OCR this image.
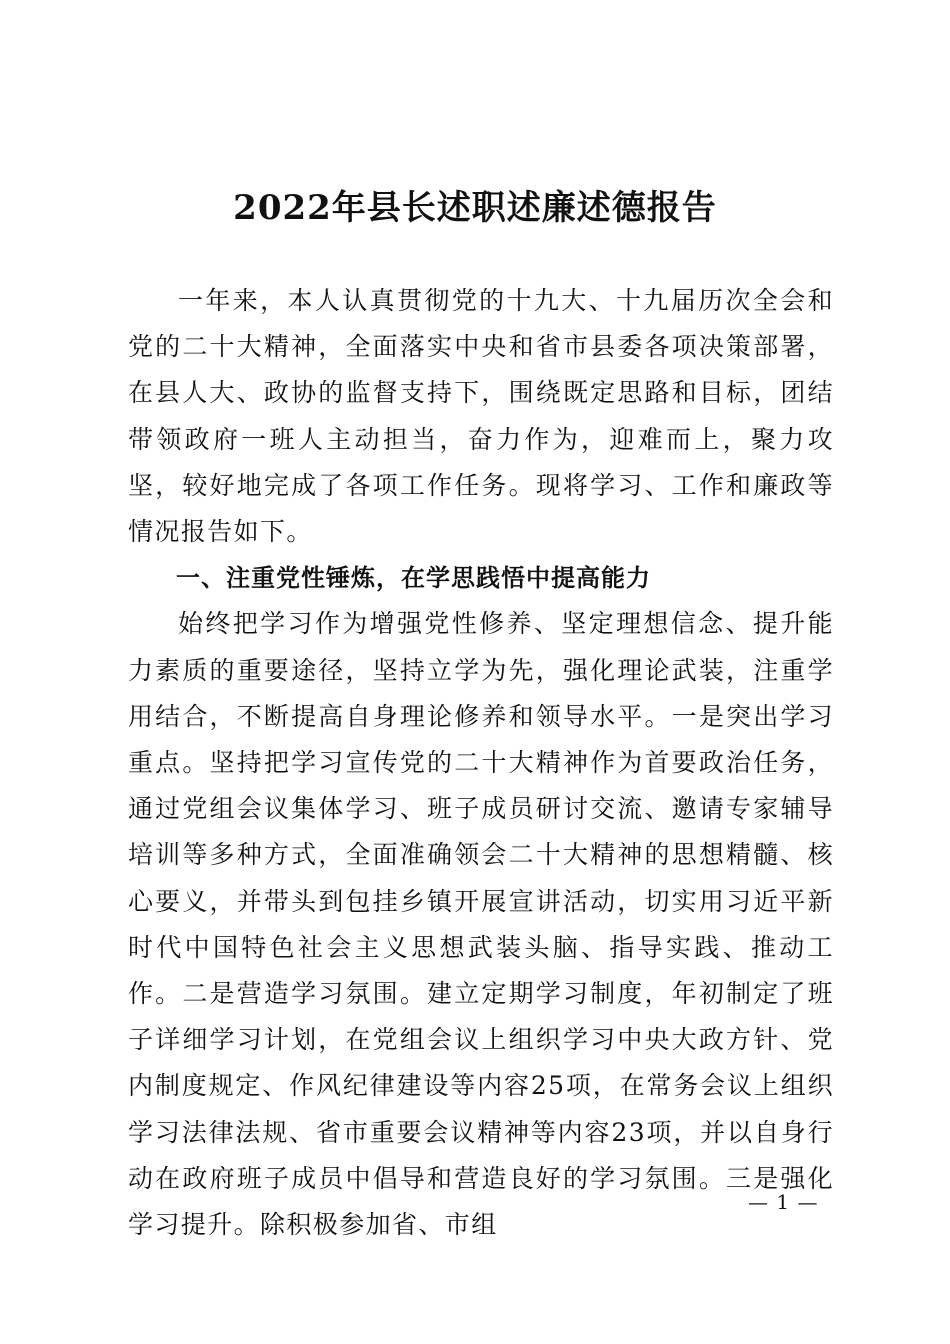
2022年县长述职述廉述德报告

一年来，本人认真贯彻党的十九大、十九届历次全会和党的二十大精神，全面落实中央和省市县委各项决策部署，在县人大、政协的监督支持下，围绕既定思路和目标，团结带领政府一班人主动担当，奋力作为，迎难而上，聚力攻坚，较好地完成了各项工作任务。现将学习、工作和廉政等情况报告如下。

一、注重党性锤炼，在学思践悟中提高能力

始终把学习作为增强党性修养、坚定理想信念、提升能力素质的重要途径，坚持立学为先，强化理论武装，注重学用结合，不断提高自身理论修养和领导水平。一是突出学习重点。坚持把学习宣传党的二十大精神作为首要政治任务，通过党组会议集体学习、班子成员研讨交流、邀请专家辅导培训等多种方式，全面准确领会二十大精神的思想精髓、核心要义，并带头到包挂乡镇开展宣讲活动，切实用习近平新时代中国特色社会主义思想武装头脑、指导实践、推动工作。二是营造学习氛围。建立定期学习制度，年初制定了班子详细学习计划，在党组会议上组织学习中央大政方针、党内制度规定、作风纪律建设等内容25项，在常务会议上组织学习法律法规、省市重要会议精神等内容23项，并以自身行动在政府班子成员中倡导和营造良好的学习氛围。三是强化学习提升。除积极参加省、市组

— 1 —
